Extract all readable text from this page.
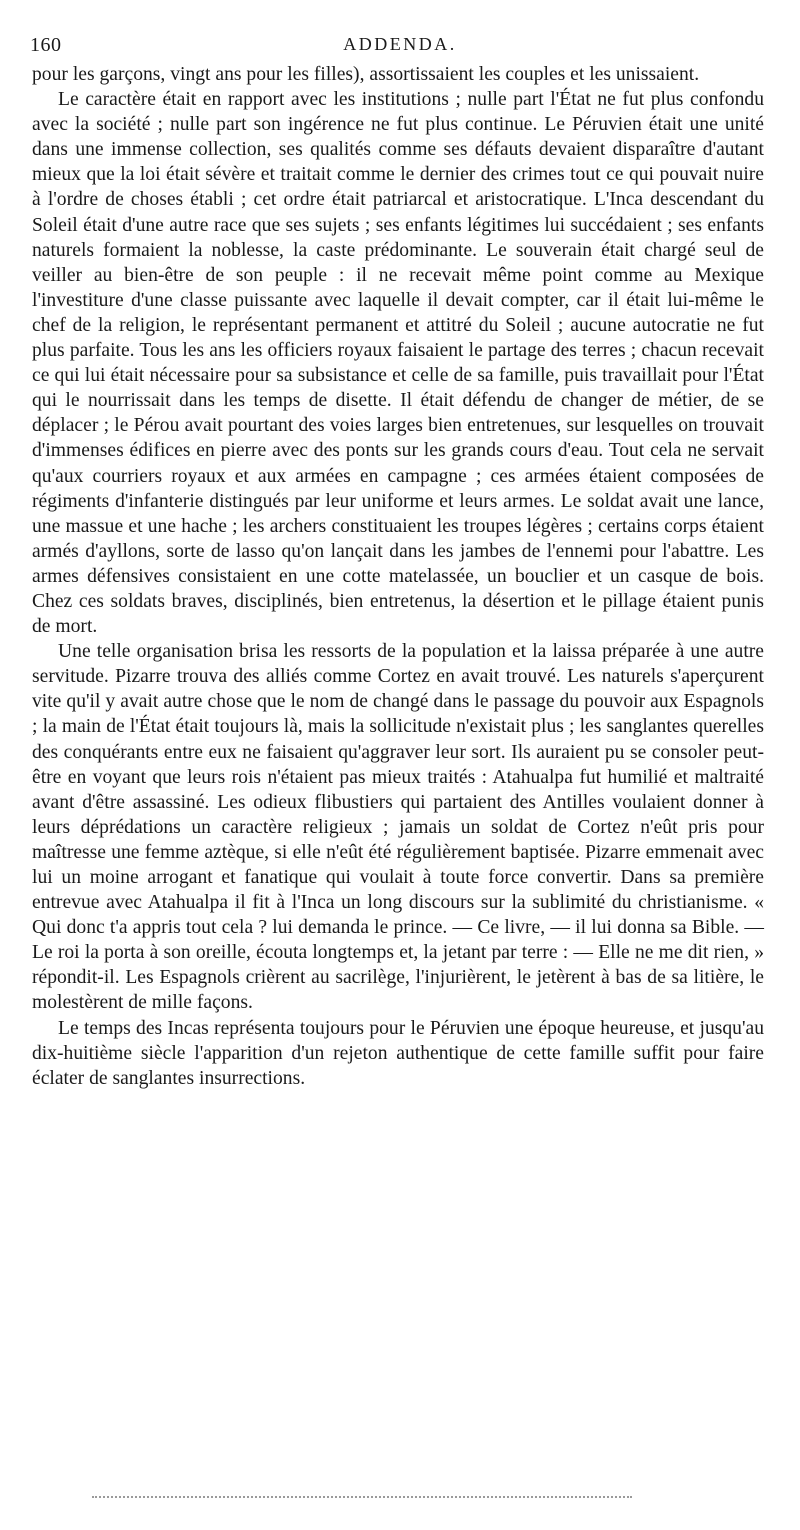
160	ADDENDA.

pour les garçons, vingt ans pour les filles), assortissaient les couples et les unissaient.

Le caractère était en rapport avec les institutions ; nulle part l'État ne fut plus confondu avec la société ; nulle part son ingérence ne fut plus continue. Le Péruvien était une unité dans une immense collection, ses qualités comme ses défauts devaient disparaître d'autant mieux que la loi était sévère et traitait comme le dernier des crimes tout ce qui pouvait nuire à l'ordre de choses établi ; cet ordre était patriarcal et aristocratique. L'Inca descendant du Soleil était d'une autre race que ses sujets ; ses enfants légitimes lui succédaient ; ses enfants naturels formaient la noblesse, la caste prédominante. Le souverain était chargé seul de veiller au bien-être de son peuple : il ne recevait même point comme au Mexique l'investiture d'une classe puissante avec laquelle il devait compter, car il était lui-même le chef de la religion, le représentant permanent et attitré du Soleil ; aucune autocratie ne fut plus parfaite. Tous les ans les officiers royaux faisaient le partage des terres ; chacun recevait ce qui lui était nécessaire pour sa subsistance et celle de sa famille, puis travaillait pour l'État qui le nourrissait dans les temps de disette. Il était défendu de changer de métier, de se déplacer ; le Pérou avait pourtant des voies larges bien entretenues, sur lesquelles on trouvait d'immenses édifices en pierre avec des ponts sur les grands cours d'eau. Tout cela ne servait qu'aux courriers royaux et aux armées en campagne ; ces armées étaient composées de régiments d'infanterie distingués par leur uniforme et leurs armes. Le soldat avait une lance, une massue et une hache ; les archers constituaient les troupes légères ; certains corps étaient armés d'ayllons, sorte de lasso qu'on lançait dans les jambes de l'ennemi pour l'abattre. Les armes défensives consistaient en une cotte matelassée, un bouclier et un casque de bois. Chez ces soldats braves, disciplinés, bien entretenus, la désertion et le pillage étaient punis de mort.

Une telle organisation brisa les ressorts de la population et la laissa préparée à une autre servitude. Pizarre trouva des alliés comme Cortez en avait trouvé. Les naturels s'aperçurent vite qu'il y avait autre chose que le nom de changé dans le passage du pouvoir aux Espagnols ; la main de l'État était toujours là, mais la sollicitude n'existait plus ; les sanglantes querelles des conquérants entre eux ne faisaient qu'aggraver leur sort. Ils auraient pu se consoler peut-être en voyant que leurs rois n'étaient pas mieux traités : Atahualpa fut humilié et maltraité avant d'être assassiné. Les odieux flibustiers qui partaient des Antilles voulaient donner à leurs déprédations un caractère religieux ; jamais un soldat de Cortez n'eût pris pour maîtresse une femme aztèque, si elle n'eût été régulièrement baptisée. Pizarre emmenait avec lui un moine arrogant et fanatique qui voulait à toute force convertir. Dans sa première entrevue avec Atahualpa il fit à l'Inca un long discours sur la sublimité du christianisme. « Qui donc t'a appris tout cela ? lui demanda le prince. — Ce livre, — il lui donna sa Bible. — Le roi la porta à son oreille, écouta longtemps et, la jetant par terre : — Elle ne me dit rien, » répondit-il. Les Espagnols crièrent au sacrilège, l'injurièrent, le jetèrent à bas de sa litière, le molestèrent de mille façons.

Le temps des Incas représenta toujours pour le Péruvien une époque heureuse, et jusqu'au dix-huitième siècle l'apparition d'un rejeton authentique de cette famille suffit pour faire éclater de sanglantes insurrections.
